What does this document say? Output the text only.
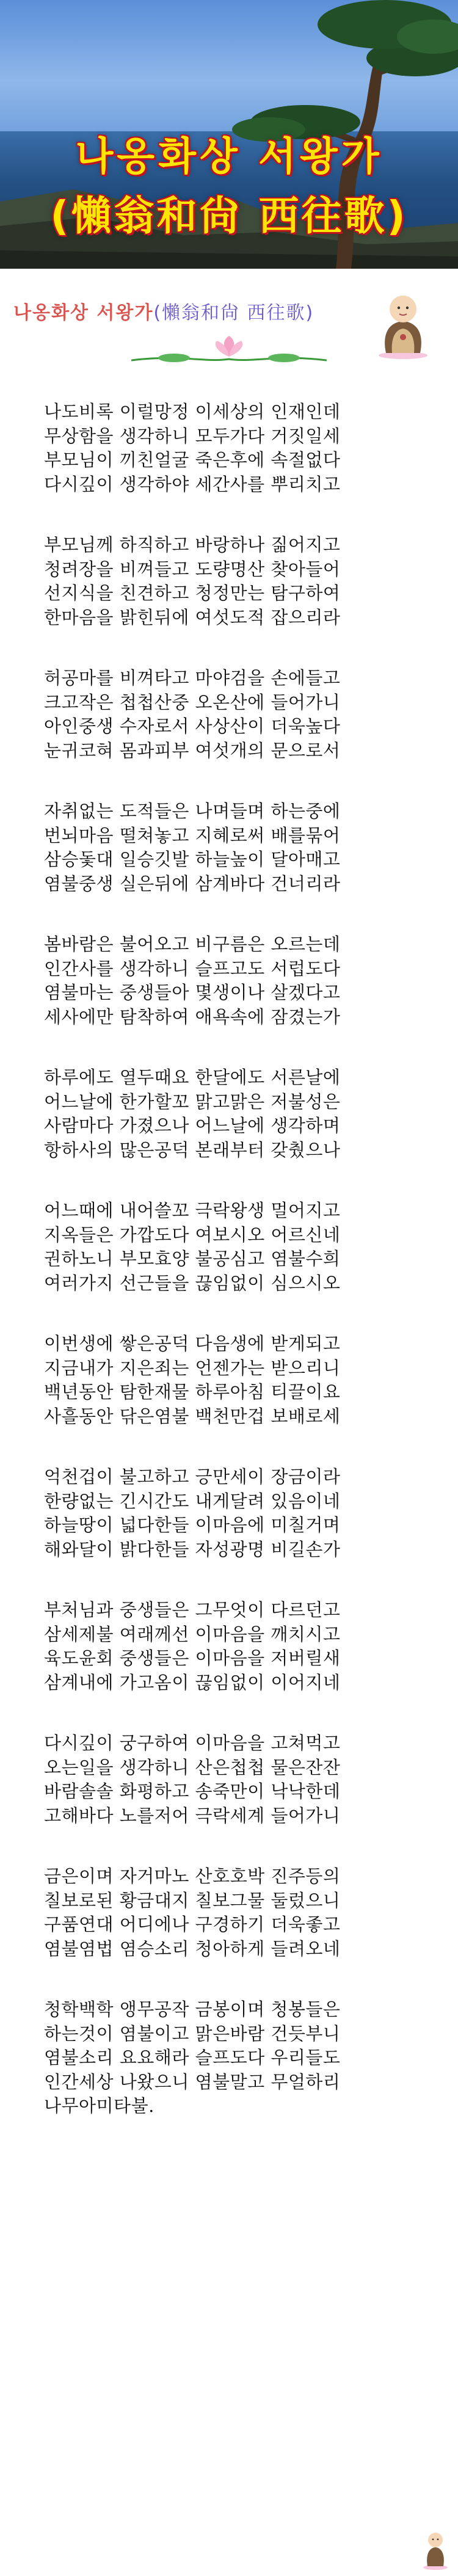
나옹화상 서왕가
(懶翁和尙 西往歌)
나옹화상 서왕가(懶翁和尙 西往歌)
나도비록 이럴망정 이세상의 인재인데
무상함을 생각하니 모두가다 거짓일세
부모님이 끼친얼굴 죽은후에 속절없다
다시깊이 생각하야 세간사를 뿌리치고
부모님께 하직하고 바랑하나 짊어지고
청려장을 비껴들고 도량명산 찾아들어
선지식을 친견하고 청정만는 탐구하여
한마음을 밝힌뒤에 여섯도적 잡으리라
허공마를 비껴타고 마야검을 손에들고
크고작은 첩첩산중 오온산에 들어가니
아인중생 수자로서 사상산이 더욱높다
눈귀코혀 몸과피부 여섯개의 문으로서
자취없는 도적들은 나며들며 하는중에
번뇌마음 떨쳐놓고 지혜로써 배를묶어
삼승돛대 일승깃발 하늘높이 달아매고
염불중생 실은뒤에 삼계바다 건너리라
봄바람은 불어오고 비구름은 오르는데
인간사를 생각하니 슬프고도 서럽도다
염불마는 중생들아 몇생이나 살겠다고
세사에만 탐착하여 애욕속에 잠겼는가
하루에도 열두때요 한달에도 서른날에
어느날에 한가할꼬 맑고맑은 저불성은
사람마다 가졌으나 어느날에 생각하며
항하사의 많은공덕 본래부터 갖췄으나
어느때에 내어쓸꼬 극락왕생 멀어지고
지옥들은 가깝도다 여보시오 어르신네
권하노니 부모효양 불공심고 염불수희
여러가지 선근들을 끊임없이 심으시오
이번생에 쌓은공덕 다음생에 받게되고
지금내가 지은죄는 언젠가는 받으리니
백년동안 탐한재물 하루아침 티끌이요
사흘동안 닦은염불 백천만겁 보배로세
억천겁이 불고하고 긍만세이 장금이라
한량없는 긴시간도 내게달려 있음이네
하늘땅이 넓다한들 이마음에 미칠거며
해와달이 밝다한들 자성광명 비길손가
부처님과 중생들은 그무엇이 다르던고
삼세제불 여래께선 이마음을 깨치시고
육도윤회 중생들은 이마음을 저버릴새
삼계내에 가고옴이 끊임없이 이어지네
다시깊이 궁구하여 이마음을 고쳐먹고
오는일을 생각하니 산은첩첩 물은잔잔
바람솔솔 화평하고 송죽만이 낙낙한데
고해바다 노를저어 극락세계 들어가니
금은이며 자거마노 산호호박 진주등의
칠보로된 황금대지 칠보그물 둘렀으니
구품연대 어디에나 구경하기 더욱좋고
염불염법 염승소리 청아하게 들려오네
청학백학 앵무공작 금봉이며 청봉들은
하는것이 염불이고 맑은바람 건듯부니
염불소리 요요해라 슬프도다 우리들도
인간세상 나왔으니 염불말고 무얼하리
나무아미타불.
